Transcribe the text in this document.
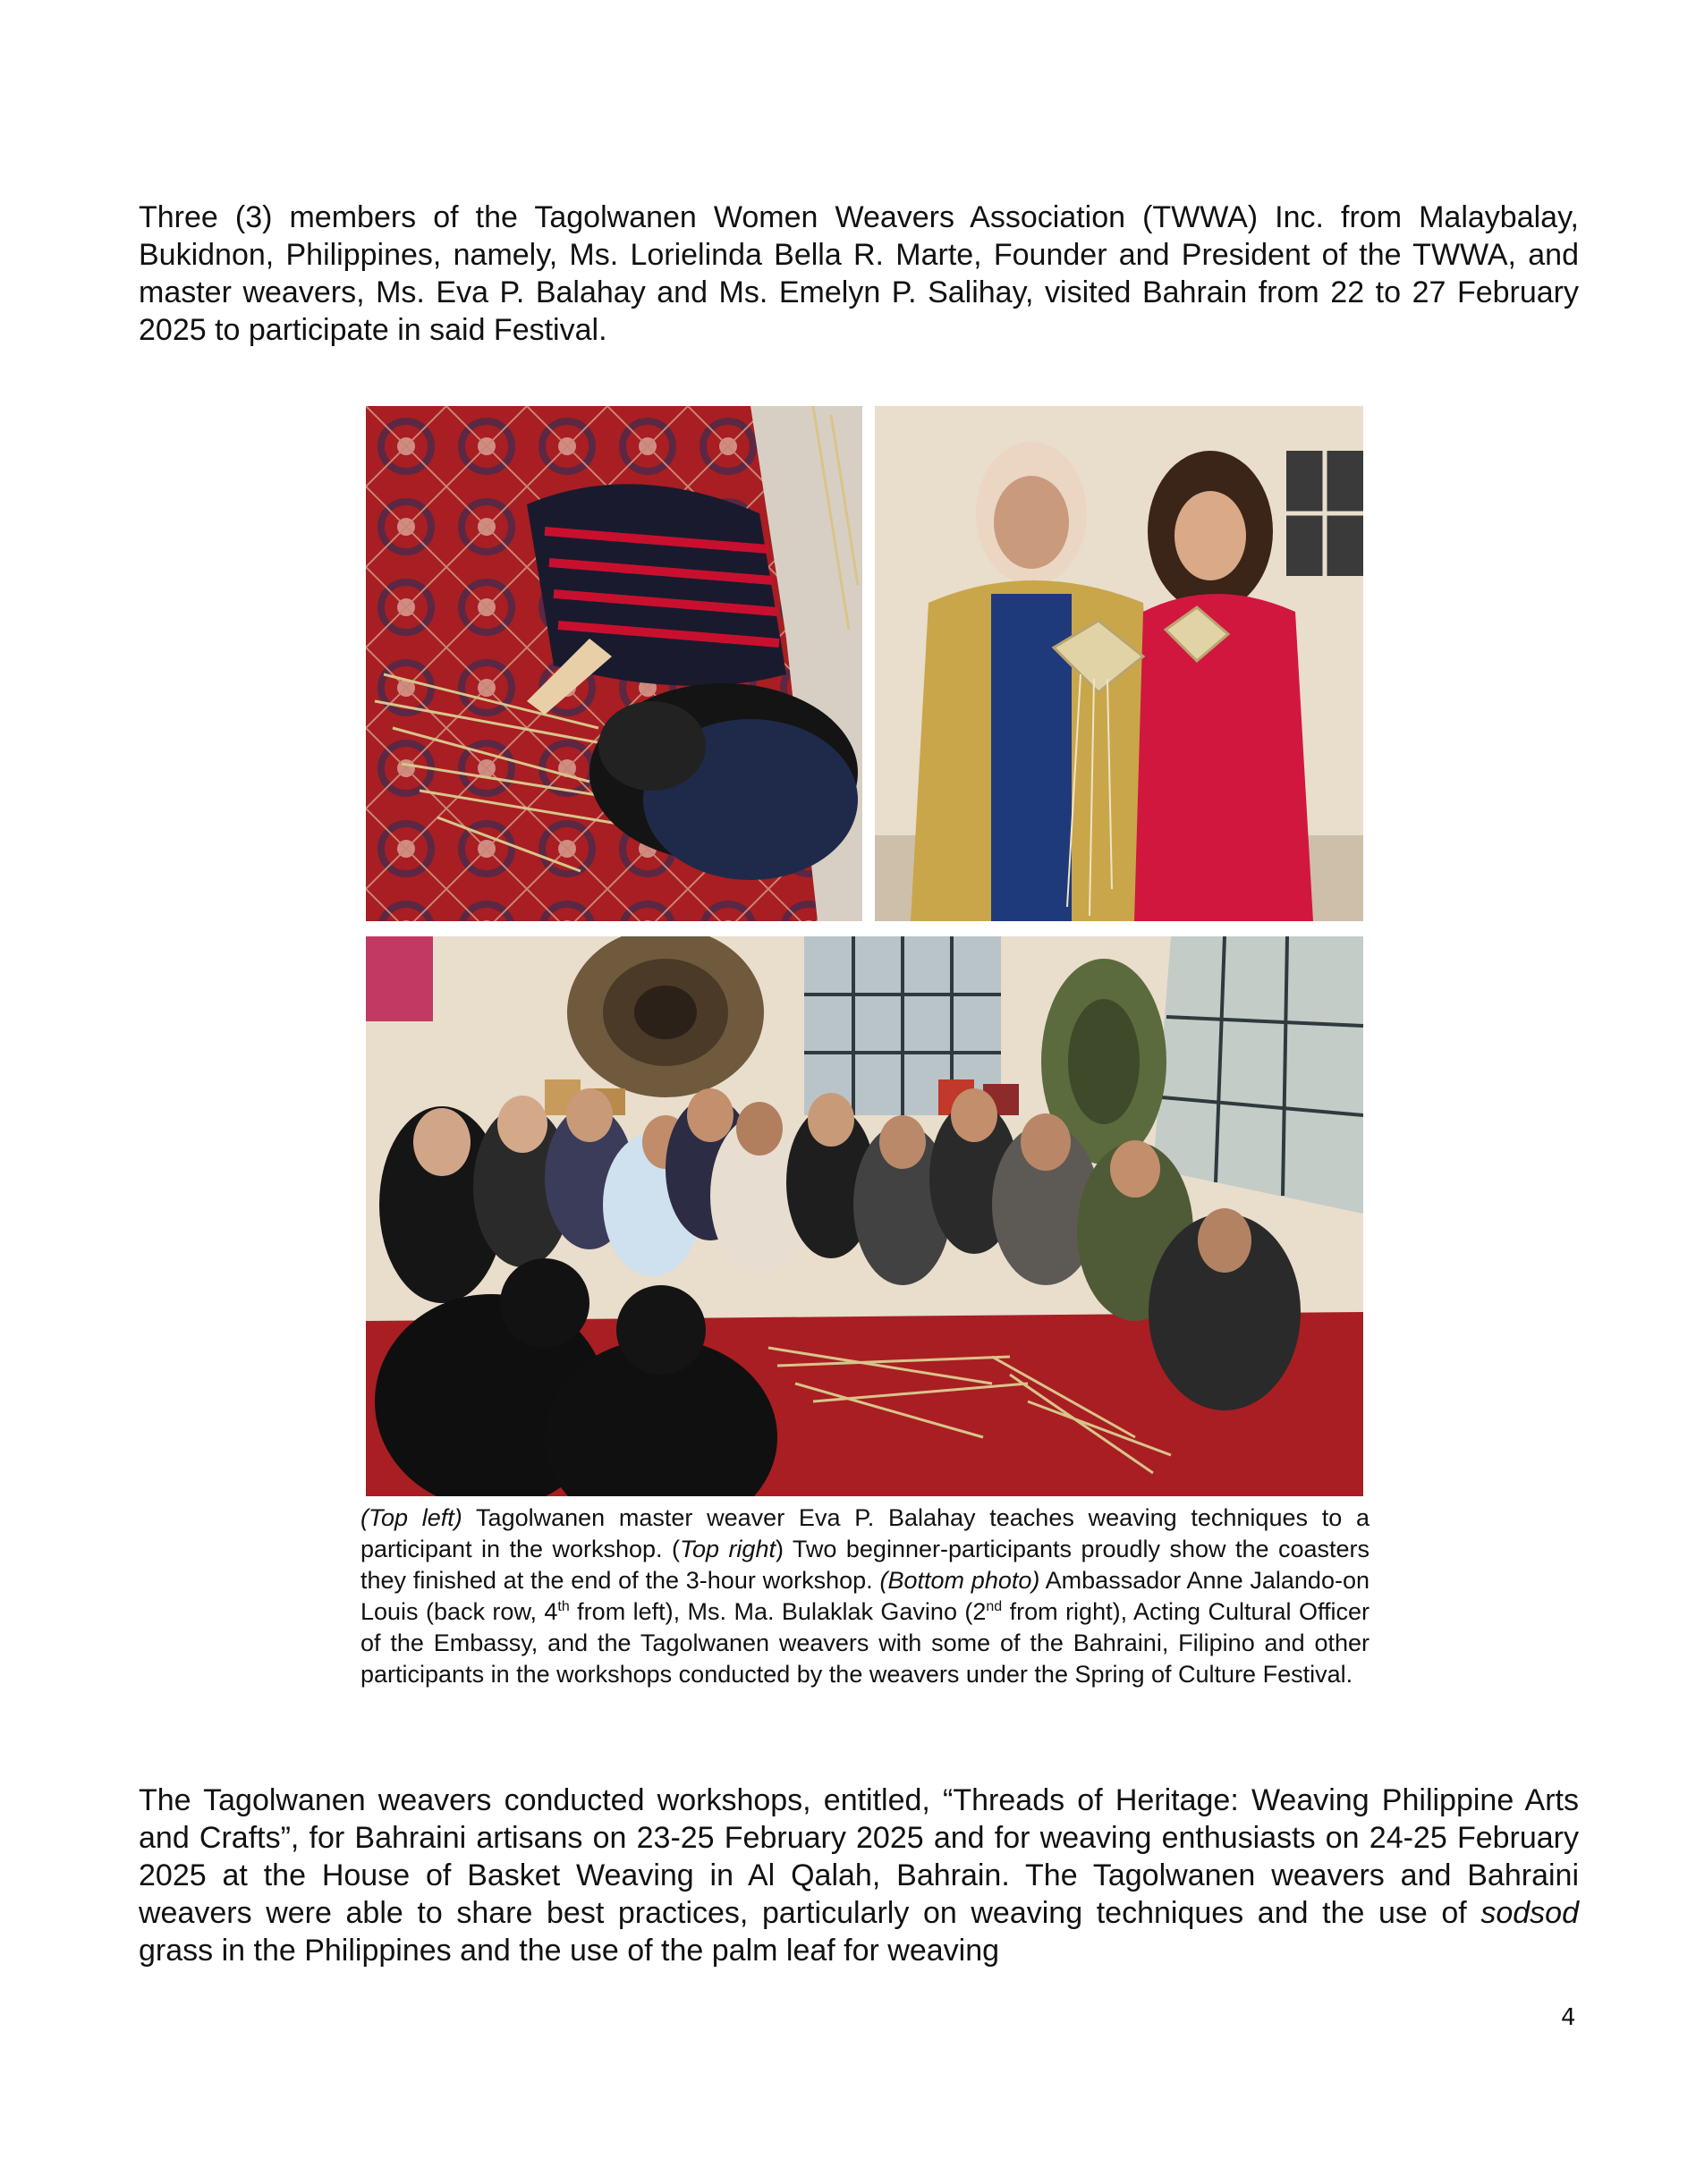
Three (3) members of the Tagolwanen Women Weavers Association (TWWA) Inc. from Malaybalay, Bukidnon, Philippines, namely, Ms. Lorielinda Bella R. Marte, Founder and President of the TWWA, and master weavers, Ms. Eva P. Balahay and Ms. Emelyn P. Salihay, visited Bahrain from 22 to 27 February 2025 to participate in said Festival.

(Top left) Tagolwanen master weaver Eva P. Balahay teaches weaving techniques to a participant in the workshop. (Top right) Two beginner-participants proudly show the coasters they finished at the end of the 3-hour workshop. (Bottom photo) Ambassador Anne Jalando-on Louis (back row, 4th from left), Ms. Ma. Bulaklak Gavino (2nd from right), Acting Cultural Officer of the Embassy, and the Tagolwanen weavers with some of the Bahraini, Filipino and other participants in the workshops conducted by the weavers under the Spring of Culture Festival.

The Tagolwanen weavers conducted workshops, entitled, “Threads of Heritage: Weaving Philippine Arts and Crafts”, for Bahraini artisans on 23-25 February 2025 and for weaving enthusiasts on 24-25 February 2025 at the House of Basket Weaving in Al Qalah, Bahrain. The Tagolwanen weavers and Bahraini weavers were able to share best practices, particularly on weaving techniques and the use of sodsod grass in the Philippines and the use of the palm leaf for weaving

4
